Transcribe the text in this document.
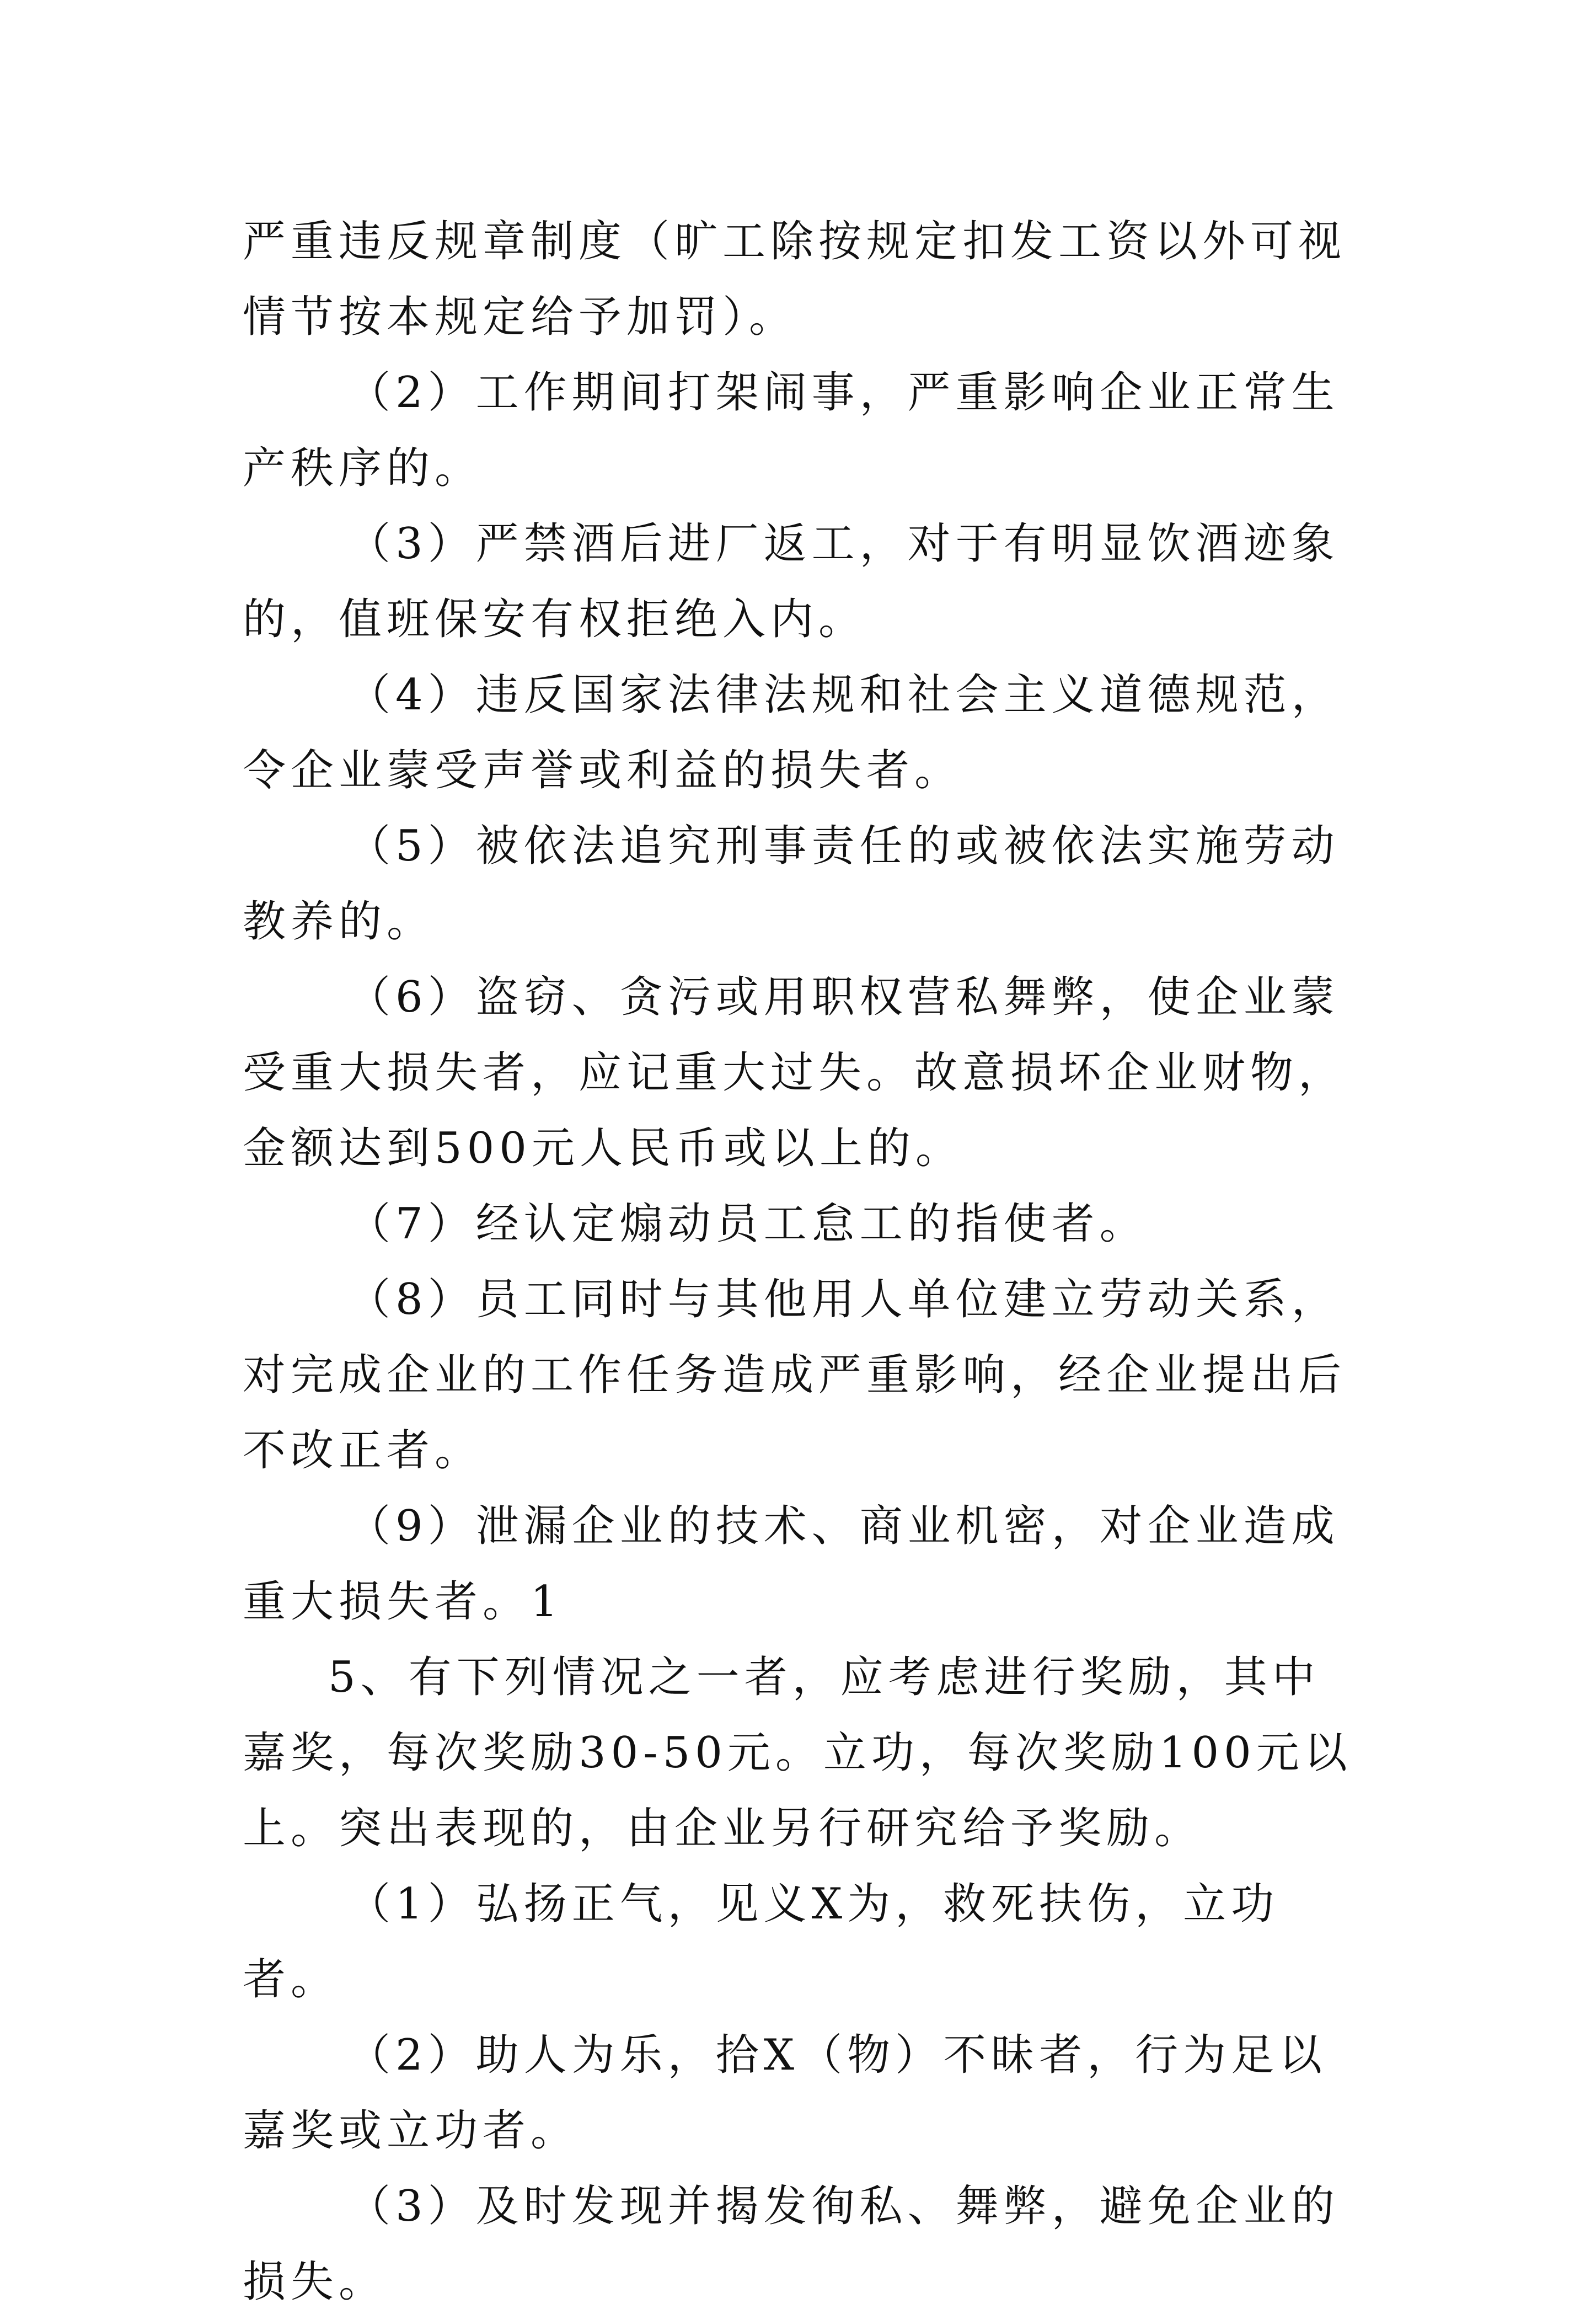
严重违反规章制度（旷工除按规定扣发工资以外可视情节按本规定给予加罚）。

（2）工作期间打架闹事，严重影响企业正常生产秩序的。

（3）严禁酒后进厂返工，对于有明显饮酒迹象的，值班保安有权拒绝入内。

（4）违反国家法律法规和社会主义道德规范，令企业蒙受声誉或利益的损失者。

（5）被依法追究刑事责任的或被依法实施劳动教养的。

（6）盗窃、贪污或用职权营私舞弊，使企业蒙受重大损失者，应记重大过失。故意损坏企业财物，金额达到500元人民币或以上的。

（7）经认定煽动员工怠工的指使者。

（8）员工同时与其他用人单位建立劳动关系，对完成企业的工作任务造成严重影响，经企业提出后不改正者。

（9）泄漏企业的技术、商业机密，对企业造成重大损失者。1

5、有下列情况之一者，应考虑进行奖励，其中嘉奖，每次奖励30-50元。立功，每次奖励100元以上。突出表现的，由企业另行研究给予奖励。

（1）弘扬正气，见义X为，救死扶伤，立功者。

（2）助人为乐，拾X（物）不昧者，行为足以嘉奖或立功者。

（3）及时发现并揭发徇私、舞弊，避免企业的损失。
